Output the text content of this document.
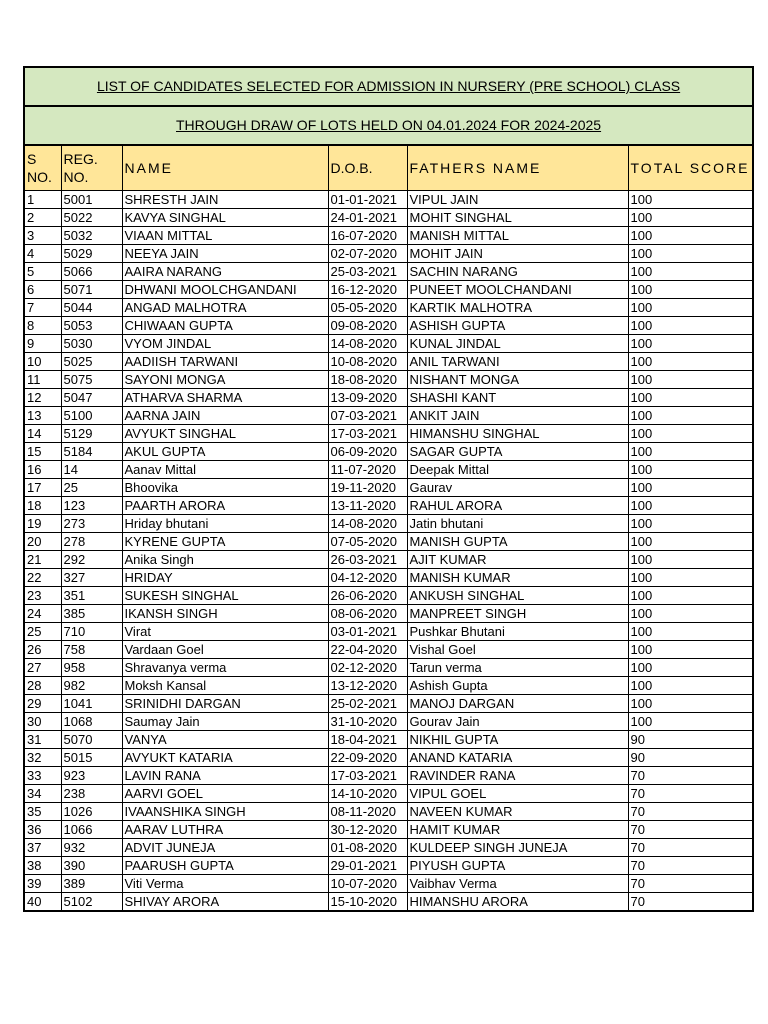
LIST OF CANDIDATES SELECTED FOR ADMISSION IN NURSERY (PRE SCHOOL) CLASS					
THROUGH DRAW OF LOTS HELD ON 04.01.2024 FOR 2024-2025					
S NO.	REG. NO.	NAME	D.O.B.	FATHERS NAME	TOTAL SCORE
1	5001	SHRESTH JAIN	01-01-2021	VIPUL JAIN	100
2	5022	KAVYA SINGHAL	24-01-2021	MOHIT SINGHAL	100
3	5032	VIAAN MITTAL	16-07-2020	MANISH MITTAL	100
4	5029	NEEYA JAIN	02-07-2020	MOHIT JAIN	100
5	5066	AAIRA NARANG	25-03-2021	SACHIN NARANG	100
6	5071	DHWANI MOOLCHGANDANI	16-12-2020	PUNEET MOOLCHANDANI	100
7	5044	ANGAD MALHOTRA	05-05-2020	KARTIK MALHOTRA	100
8	5053	CHIWAAN GUPTA	09-08-2020	ASHISH GUPTA	100
9	5030	VYOM JINDAL	14-08-2020	KUNAL JINDAL	100
10	5025	AADIISH TARWANI	10-08-2020	ANIL TARWANI	100
11	5075	SAYONI MONGA	18-08-2020	NISHANT MONGA	100
12	5047	ATHARVA SHARMA	13-09-2020	SHASHI KANT	100
13	5100	AARNA JAIN	07-03-2021	ANKIT JAIN	100
14	5129	AVYUKT SINGHAL	17-03-2021	HIMANSHU SINGHAL	100
15	5184	AKUL GUPTA	06-09-2020	SAGAR GUPTA	100
16	14	Aanav Mittal	11-07-2020	Deepak Mittal	100
17	25	Bhoovika	19-11-2020	Gaurav	100
18	123	PAARTH ARORA	13-11-2020	RAHUL ARORA	100
19	273	Hriday bhutani	14-08-2020	Jatin bhutani	100
20	278	KYRENE GUPTA	07-05-2020	MANISH GUPTA	100
21	292	Anika Singh	26-03-2021	AJIT KUMAR	100
22	327	HRIDAY	04-12-2020	MANISH KUMAR	100
23	351	SUKESH SINGHAL	26-06-2020	ANKUSH SINGHAL	100
24	385	IKANSH SINGH	08-06-2020	MANPREET SINGH	100
25	710	Virat	03-01-2021	Pushkar Bhutani	100
26	758	Vardaan Goel	22-04-2020	Vishal Goel	100
27	958	Shravanya verma	02-12-2020	Tarun verma	100
28	982	Moksh Kansal	13-12-2020	Ashish Gupta	100
29	1041	SRINIDHI DARGAN	25-02-2021	MANOJ DARGAN	100
30	1068	Saumay Jain	31-10-2020	Gourav Jain	100
31	5070	VANYA	18-04-2021	NIKHIL GUPTA	90
32	5015	AVYUKT KATARIA	22-09-2020	ANAND KATARIA	90
33	923	LAVIN RANA	17-03-2021	RAVINDER RANA	70
34	238	AARVI GOEL	14-10-2020	VIPUL GOEL	70
35	1026	IVAANSHIKA SINGH	08-11-2020	NAVEEN KUMAR	70
36	1066	AARAV LUTHRA	30-12-2020	HAMIT KUMAR	70
37	932	ADVIT JUNEJA	01-08-2020	KULDEEP SINGH JUNEJA	70
38	390	PAARUSH GUPTA	29-01-2021	PIYUSH GUPTA	70
39	389	Viti Verma	10-07-2020	Vaibhav Verma	70
40	5102	SHIVAY ARORA	15-10-2020	HIMANSHU ARORA	70
